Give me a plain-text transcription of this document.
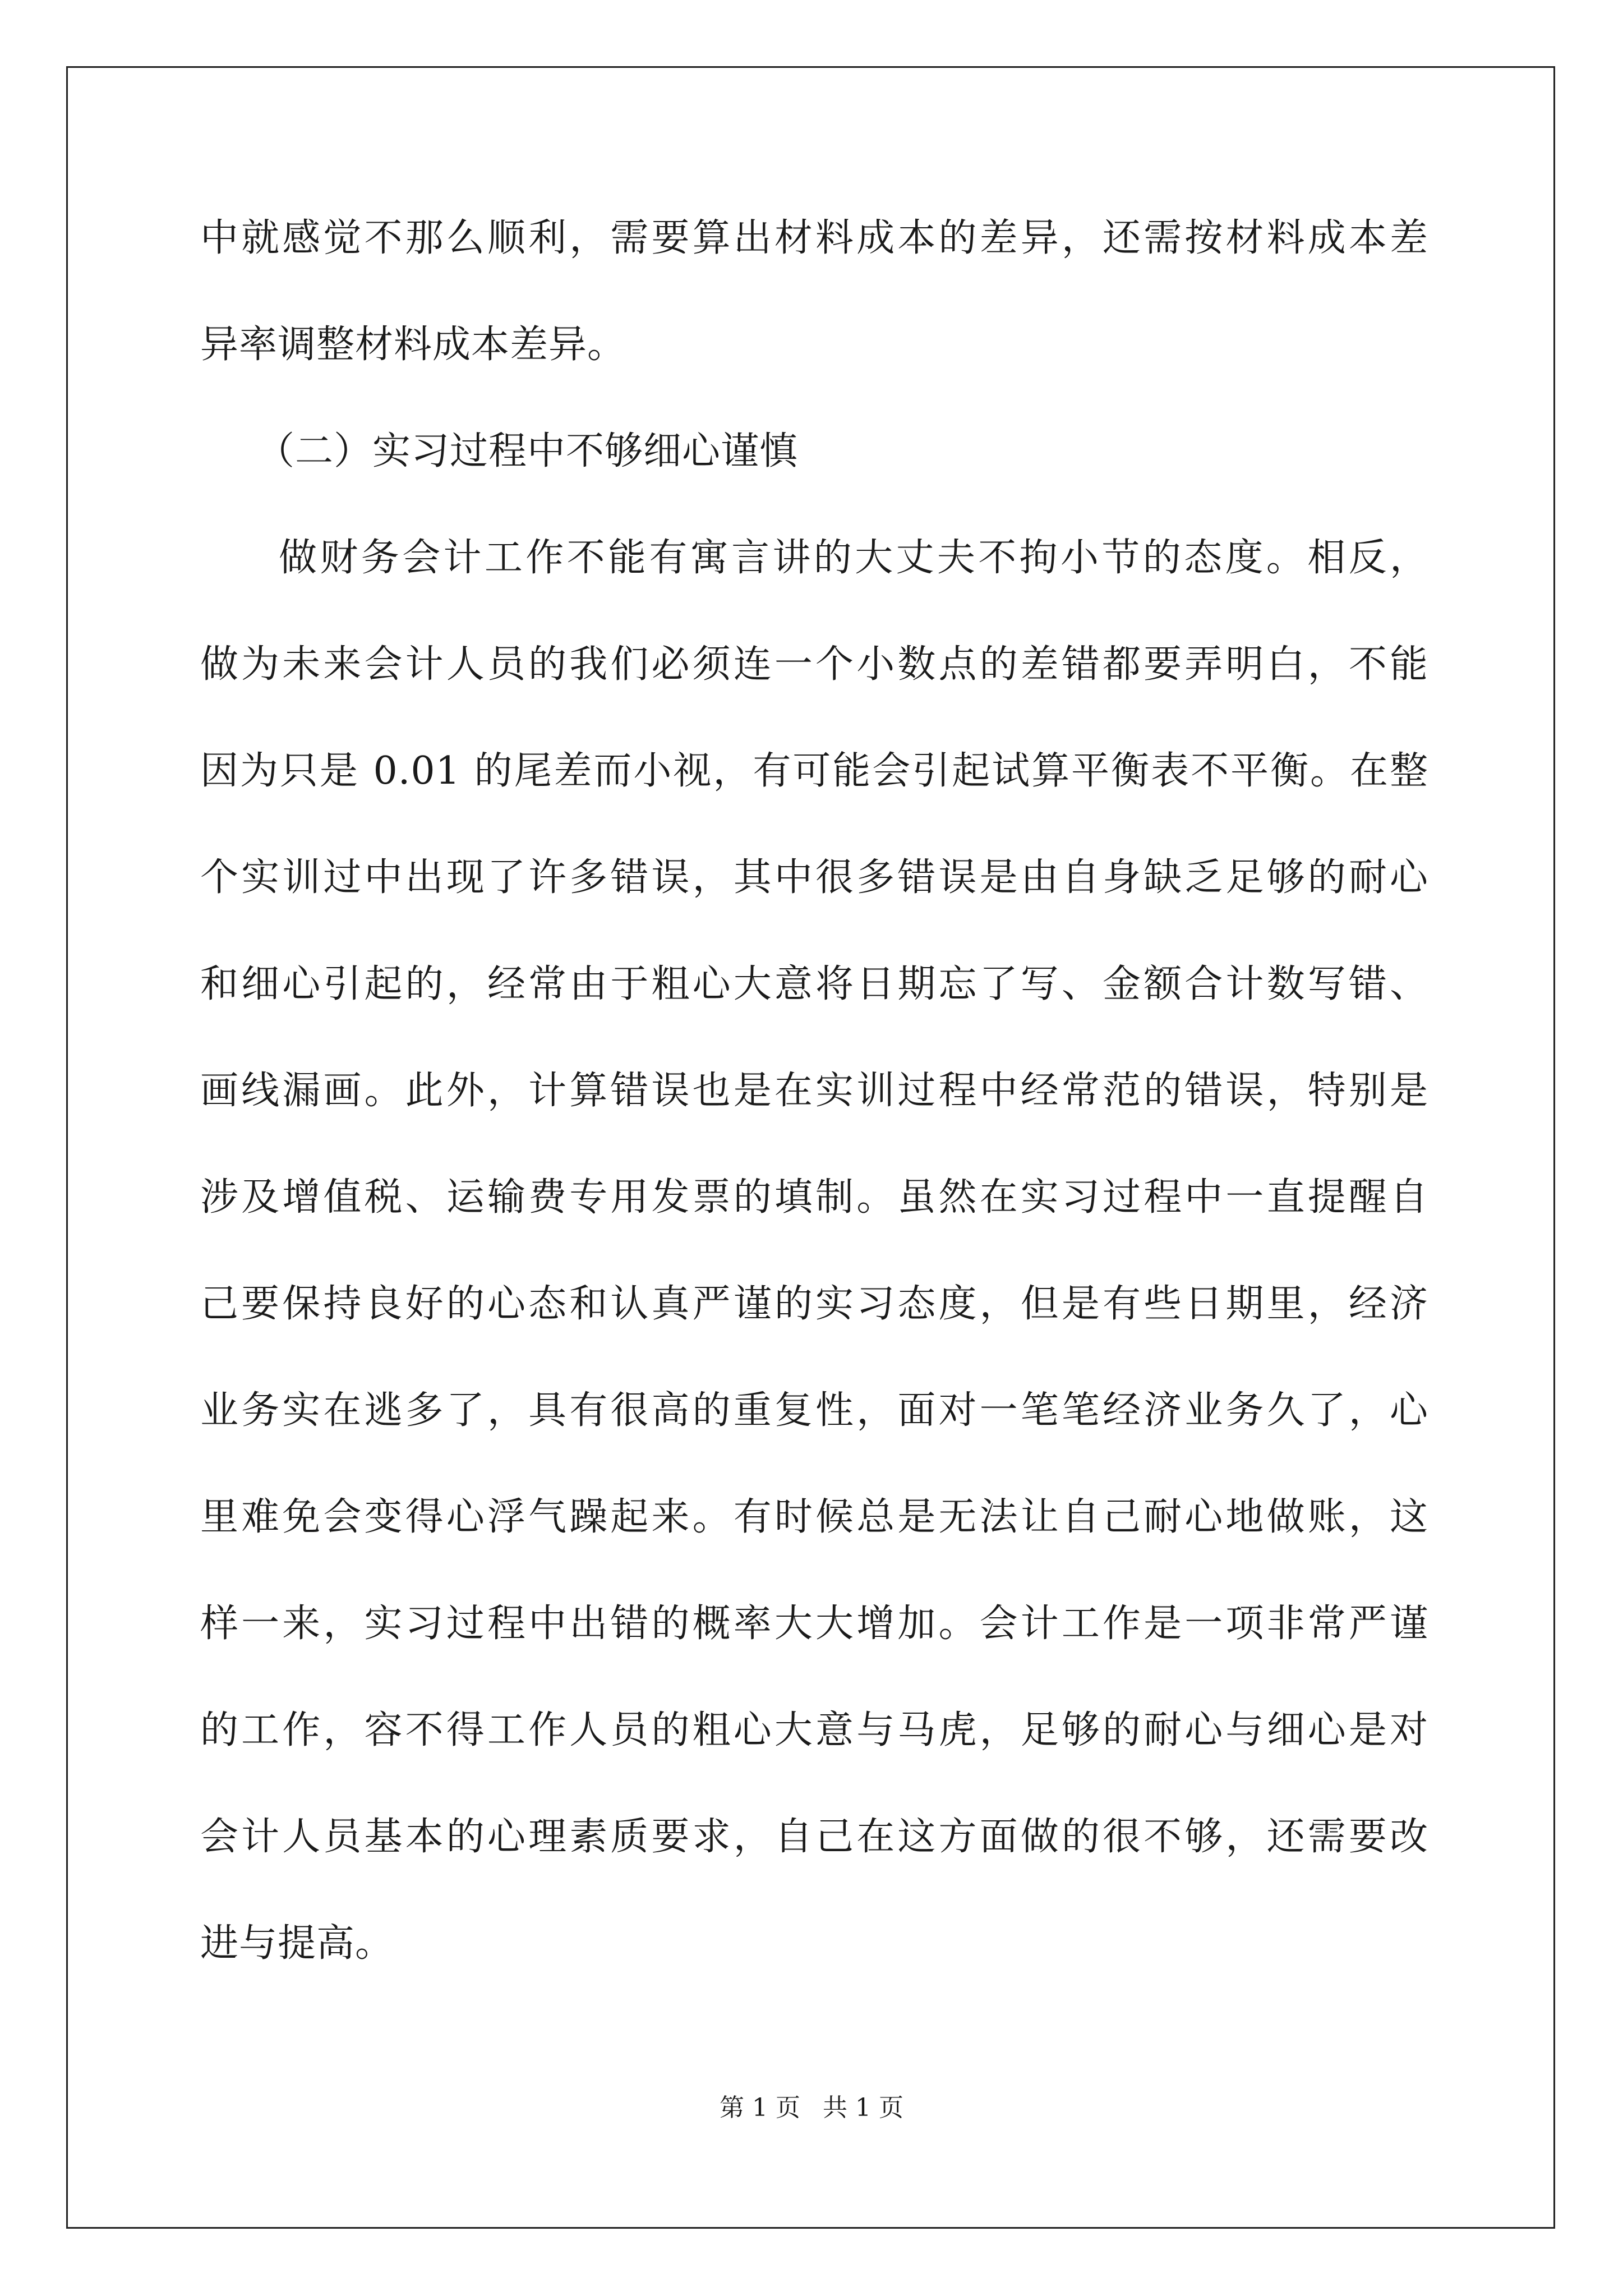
中就感觉不那么顺利，需要算出材料成本的差异，还需按材料成本差
异率调整材料成本差异。
（二）实习过程中不够细心谨慎
做财务会计工作不能有寓言讲的大丈夫不拘小节的态度。相反，
做为未来会计人员的我们必须连一个小数点的差错都要弄明白，不能
因为只是 0.01 的尾差而小视，有可能会引起试算平衡表不平衡。在整
个实训过中出现了许多错误，其中很多错误是由自身缺乏足够的耐心
和细心引起的，经常由于粗心大意将日期忘了写、金额合计数写错、
画线漏画。此外，计算错误也是在实训过程中经常范的错误，特别是
涉及增值税、运输费专用发票的填制。虽然在实习过程中一直提醒自
己要保持良好的心态和认真严谨的实习态度，但是有些日期里，经济
业务实在逃多了，具有很高的重复性，面对一笔笔经济业务久了，心
里难免会变得心浮气躁起来。有时候总是无法让自己耐心地做账，这
样一来，实习过程中出错的概率大大增加。会计工作是一项非常严谨
的工作，容不得工作人员的粗心大意与马虎，足够的耐心与细心是对
会计人员基本的心理素质要求，自己在这方面做的很不够，还需要改
进与提高。
第 1 页 共 1 页
